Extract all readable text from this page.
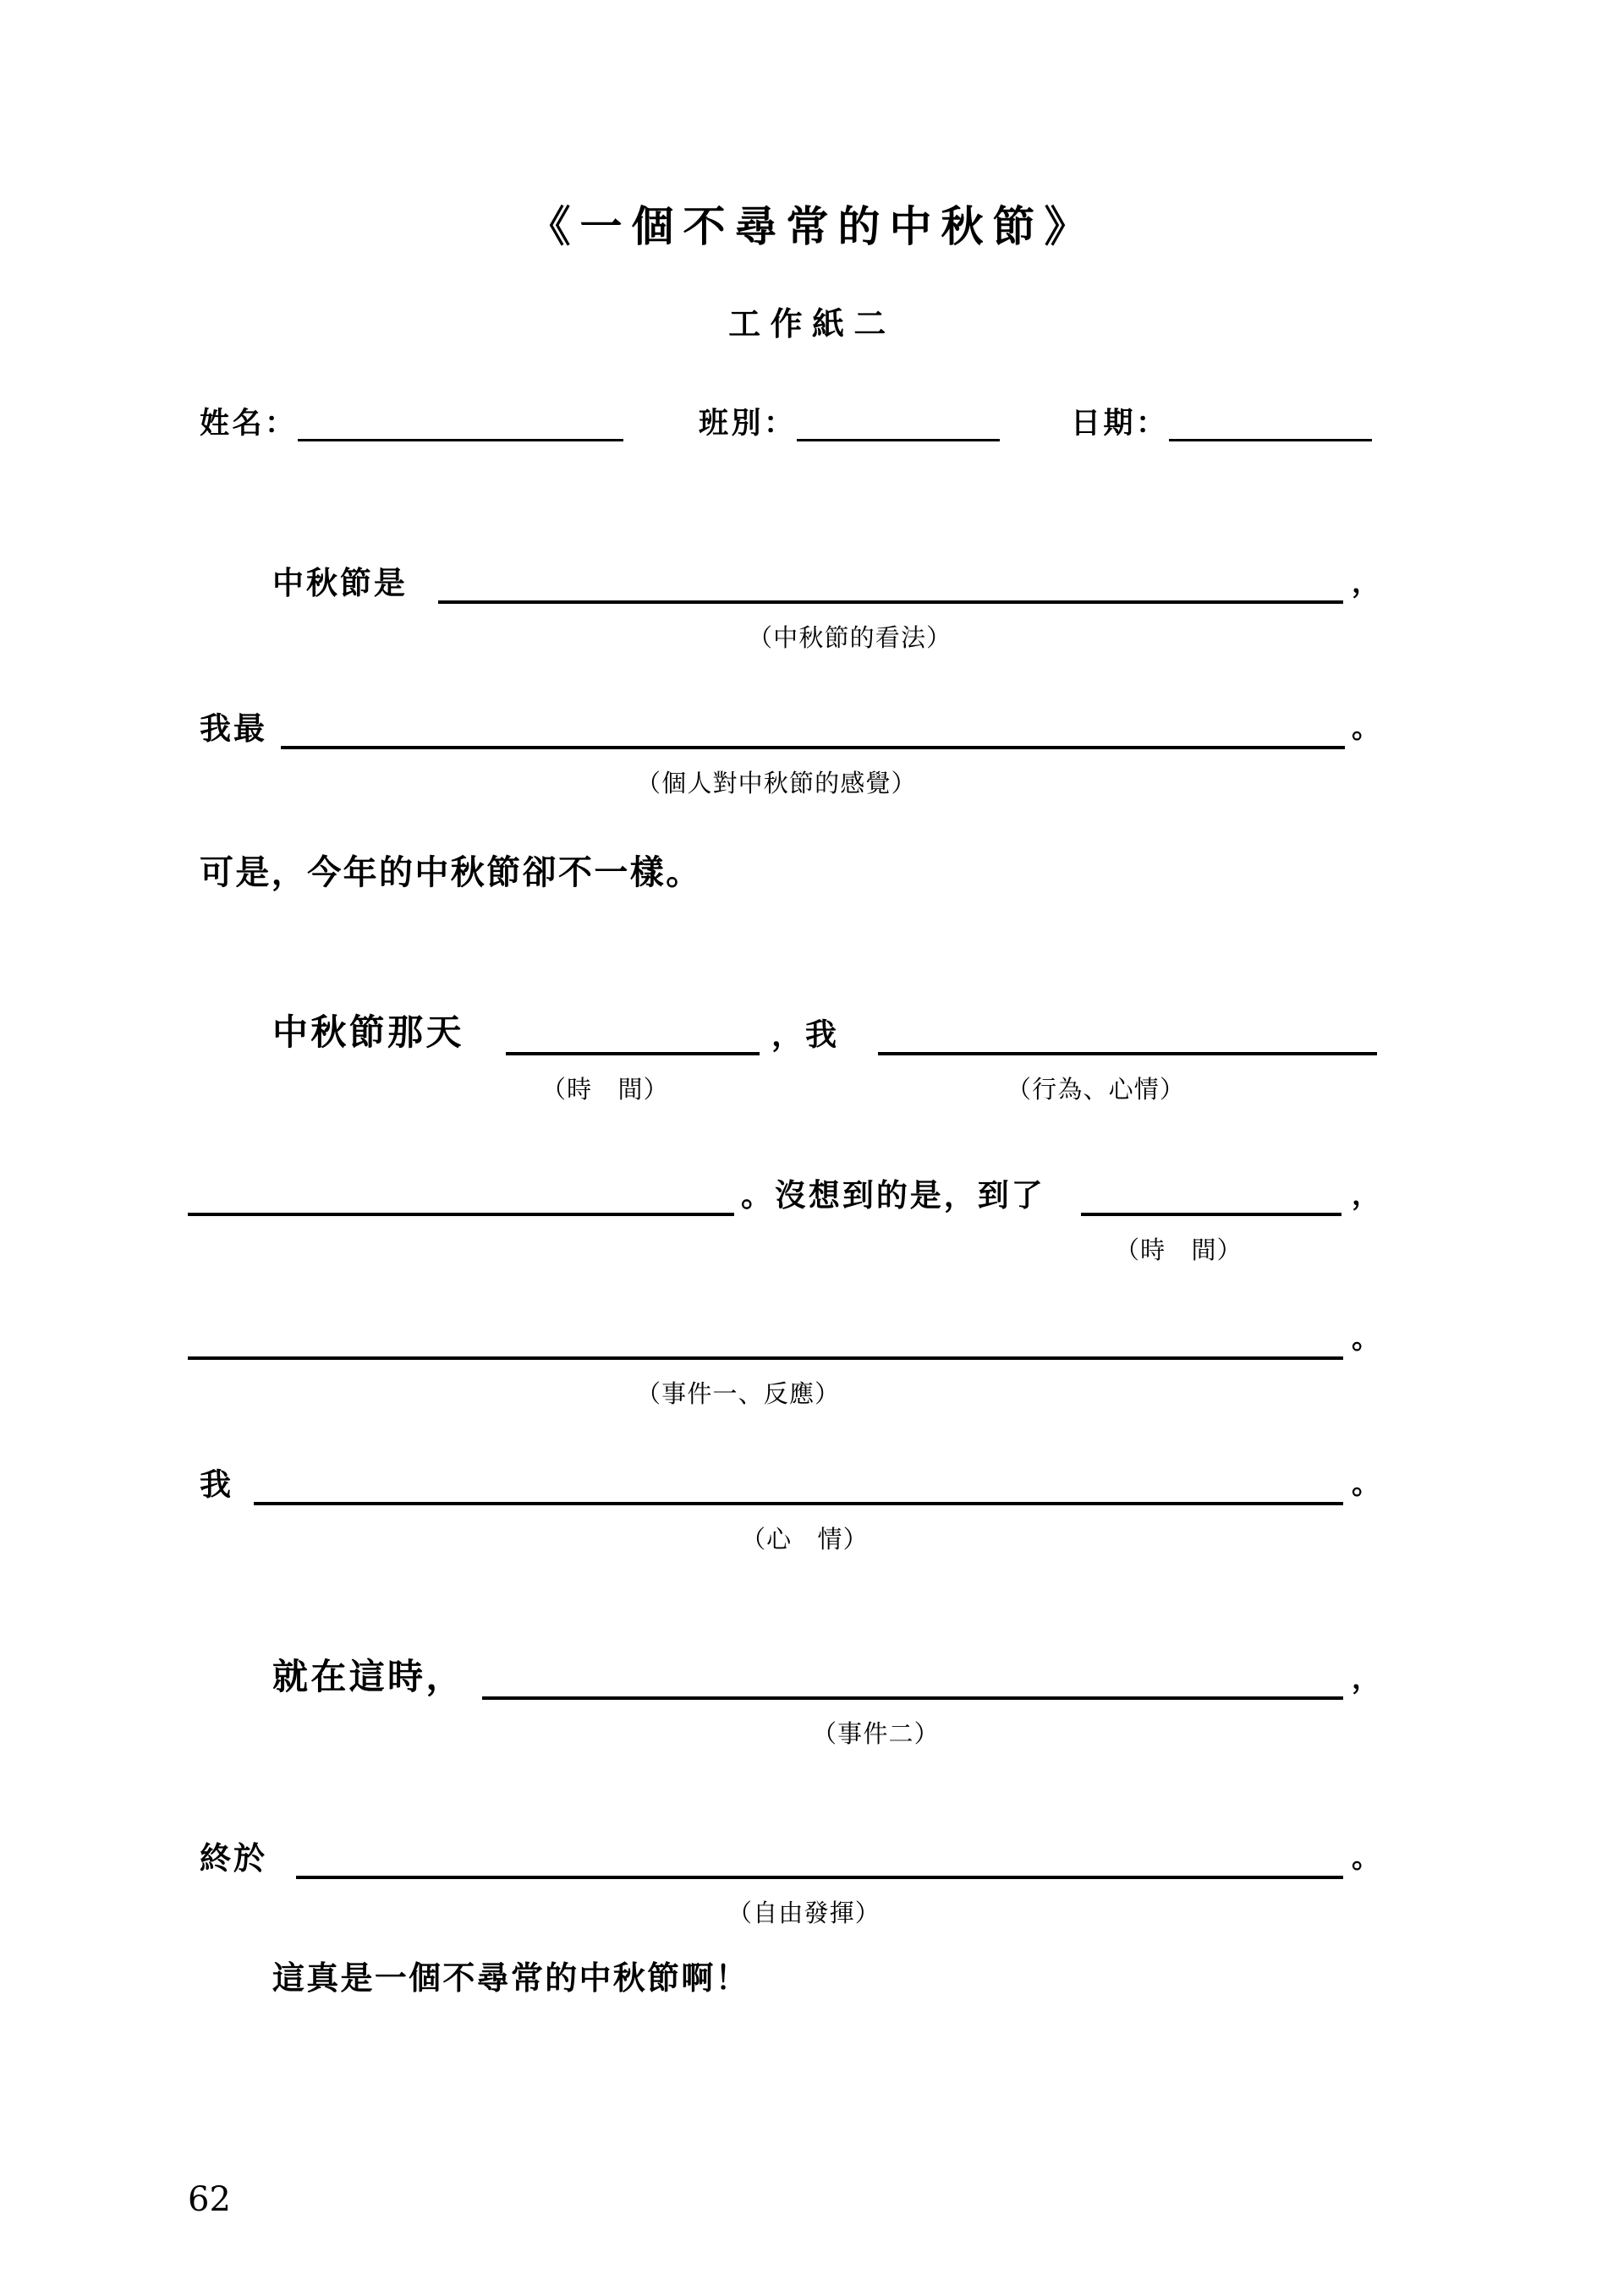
《一個不尋常的中秋節》
工作紙二
姓名：	班別：	日期：
中秋節是	，
（中秋節的看法）
我最	。
（個人對中秋節的感覺）
可是，今年的中秋節卻不一樣。
中秋節那天	，我
（時　間）	（行為、心情）
。沒想到的是，到了	，
（時　間）
。
（事件一、反應）
我	。
（心　情）
就在這時，	，
（事件二）
終於	。
（自由發揮）
這真是一個不尋常的中秋節啊！
62
